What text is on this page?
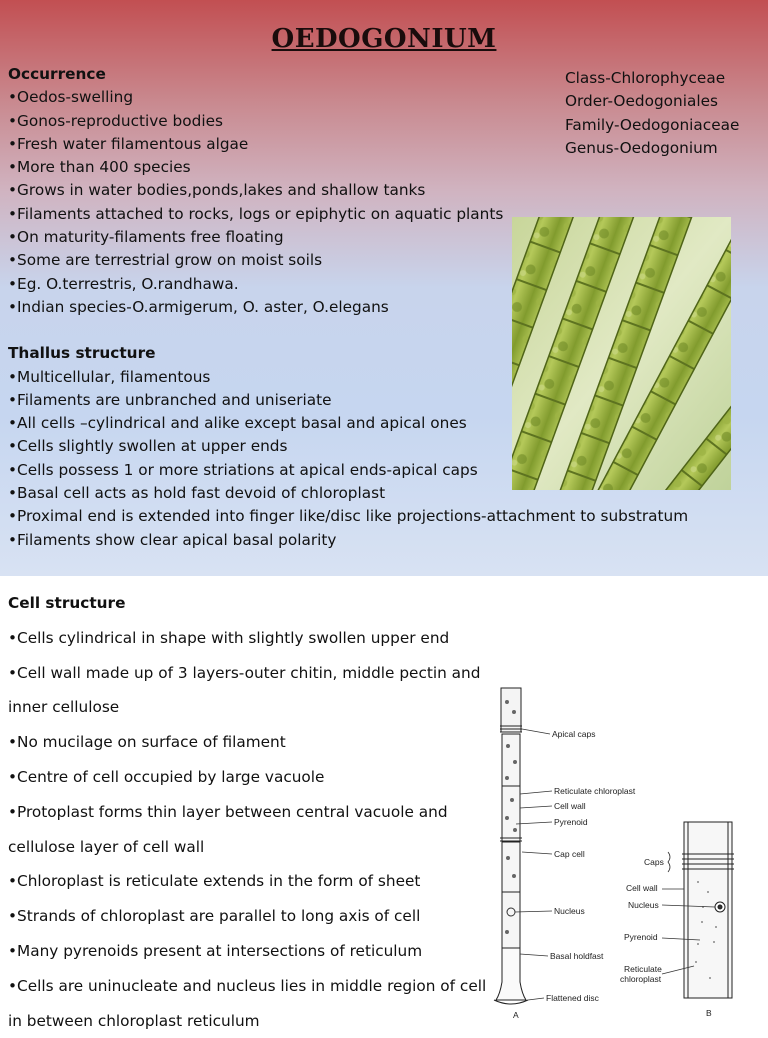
OEDOGONIUM
Occurrence
•Oedos-swelling
•Gonos-reproductive bodies
•Fresh water filamentous algae
•More than 400 species
•Grows in water bodies,ponds,lakes and shallow tanks
•Filaments attached to rocks, logs or epiphytic on aquatic plants
•On maturity-filaments free floating
•Some are terrestrial grow on moist soils
•Eg. O.terrestris, O.randhawa.
•Indian species-O.armigerum, O. aster, O.elegans
Thallus structure
•Multicellular, filamentous
•Filaments are unbranched and uniseriate
•All cells –cylindrical and alike except basal and apical ones
•Cells slightly swollen at upper ends
•Cells possess 1 or more striations at apical ends-apical caps
•Basal cell acts as hold fast devoid of chloroplast
•Proximal end is extended into finger like/disc like projections-attachment to substratum
•Filaments show clear apical basal polarity
Class-Chlorophyceae
Order-Oedogoniales
Family-Oedogoniaceae
Genus-Oedogonium
Cell structure
•Cells cylindrical in shape with slightly swollen upper end
•Cell wall made up of 3 layers-outer chitin, middle pectin and
inner cellulose
•No mucilage on surface of filament
•Centre of cell occupied by large vacuole
•Protoplast forms thin layer between central vacuole and
cellulose layer of cell wall
•Chloroplast is reticulate extends in the form of sheet
•Strands of chloroplast are parallel to long axis of cell
•Many pyrenoids present at intersections of reticulum
•Cells are uninucleate and nucleus lies in middle region of cell
in between chloroplast reticulum
Apical caps
Reticulate chloroplast
Cell wall
Pyrenoid
Cap cell
Nucleus
Basal holdfast
Flattened disc
A
Caps
Cell wall
Nucleus
Pyrenoid
Reticulate
chloroplast
B
